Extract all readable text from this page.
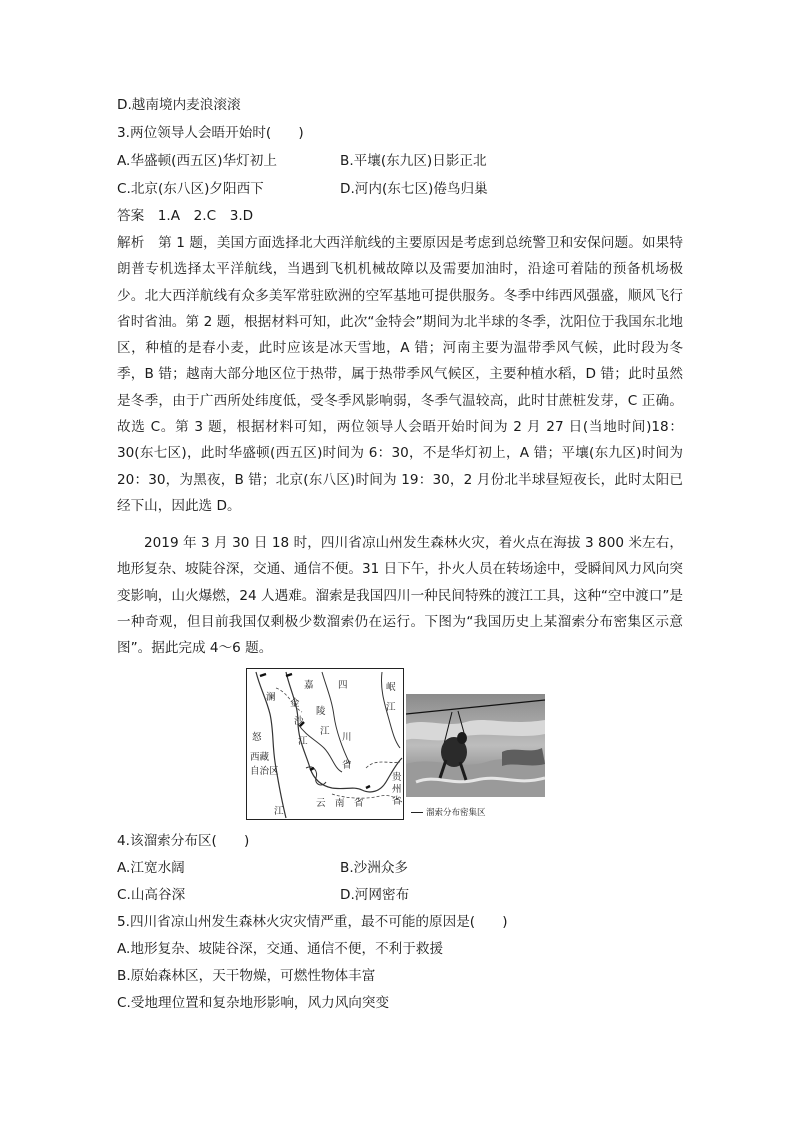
D.越南境内麦浪滚滚
3.两位领导人会晤开始时(　　)
A.华盛顿(西五区)华灯初上	B.平壤(东九区)日影正北
C.北京(东八区)夕阳西下	D.河内(东七区)倦鸟归巢
答案　1.A　2.C　3.D
解析　第 1 题，美国方面选择北大西洋航线的主要原因是考虑到总统警卫和安保问题。如果特朗普专机选择太平洋航线，当遇到飞机机械故障以及需要加油时，沿途可着陆的预备机场极少。北大西洋航线有众多美军常驻欧洲的空军基地可提供服务。冬季中纬西风强盛，顺风飞行省时省油。第 2 题，根据材料可知，此次“金特会”期间为北半球的冬季，沈阳位于我国东北地区，种植的是春小麦，此时应该是冰天雪地，A 错；河南主要为温带季风气候，此时段为冬季，B 错；越南大部分地区位于热带，属于热带季风气候区，主要种植水稻，D 错；此时虽然是冬季，由于广西所处纬度低，受冬季风影响弱，冬季气温较高，此时甘蔗桩发芽，C 正确。故选 C。第 3 题，根据材料可知，两位领导人会晤开始时间为 2 月 27 日(当地时间)18：30(东七区)，此时华盛顿(西五区)时间为 6：30，不是华灯初上，A 错；平壤(东九区)时间为 20：30，为黑夜，B 错；北京(东八区)时间为 19：30，2 月份北半球昼短夜长，此时太阳已经下山，因此选 D。
2019 年 3 月 30 日 18 时，四川省凉山州发生森林火灾，着火点在海拔 3 800 米左右，地形复杂、坡陡谷深，交通、通信不便。31 日下午，扑火人员在转场途中，受瞬间风力风向突变影响，山火爆燃，24 人遇难。溜索是我国四川一种民间特殊的渡江工具，这种“空中渡口”是一种奇观，但目前我国仅剩极少数溜索仍在运行。下图为“我国历史上某溜索分布密集区示意图”。据此完成 4～6 题。
澜
怒
西藏
自治区
江
嘉
金
沙
江
陵
江
四
川
省
岷
江
云　南　省
贵
州
省
溜索分布密集区
4.该溜索分布区(　　)
A.江宽水阔	B.沙洲众多
C.山高谷深	D.河网密布
5.四川省凉山州发生森林火灾灾情严重，最不可能的原因是(　　)
A.地形复杂、坡陡谷深，交通、通信不便，不利于救援
B.原始森林区，天干物燥，可燃性物体丰富
C.受地理位置和复杂地形影响，风力风向突变
